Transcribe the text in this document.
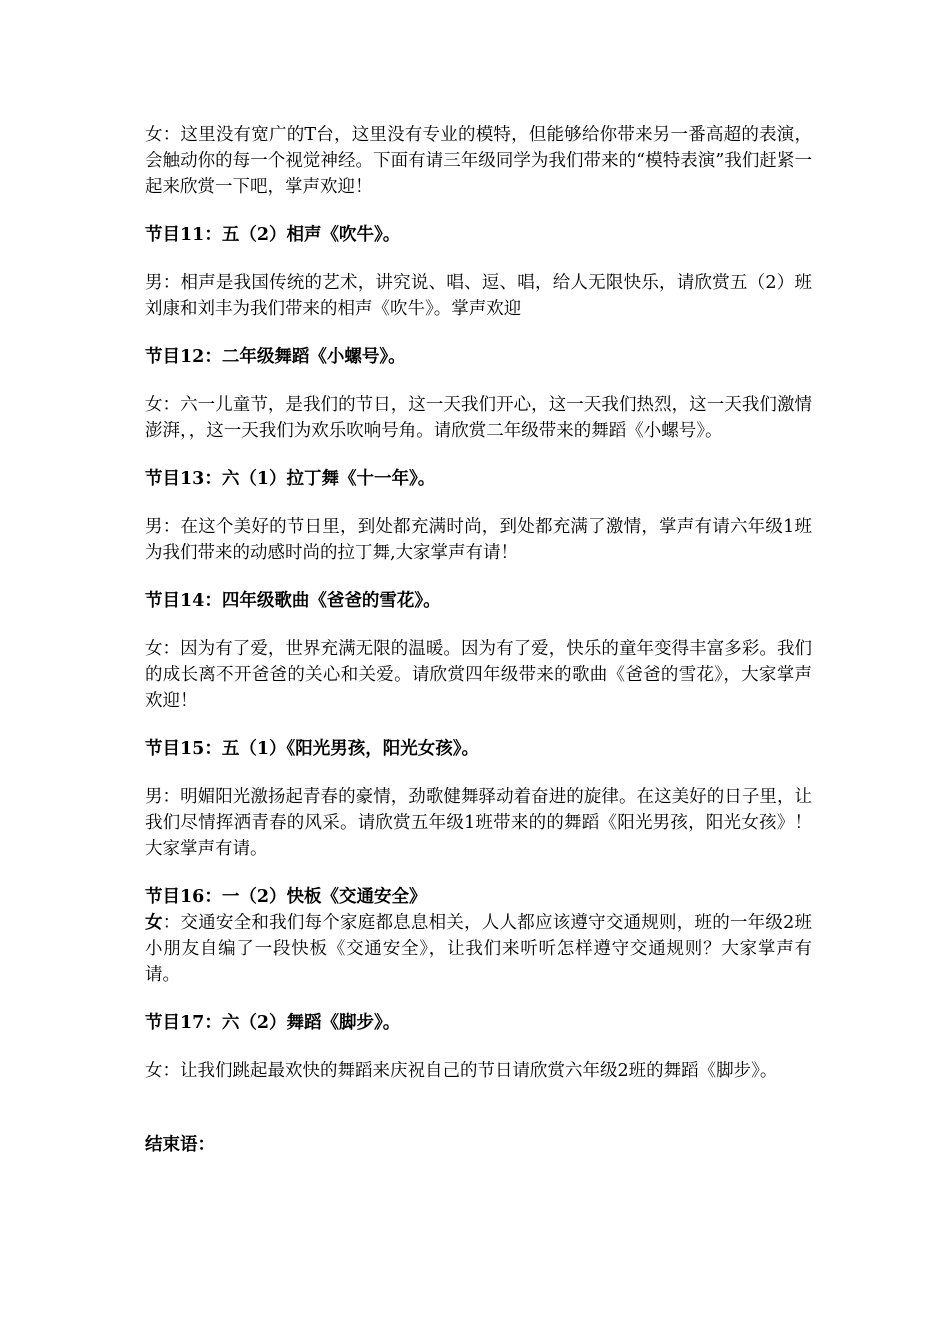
女：这里没有宽广的T台，这里没有专业的模特，但能够给你带来另一番高超的表演，会触动你的每一个视觉神经。下面有请三年级同学为我们带来的“模特表演”我们赶紧一起来欣赏一下吧，掌声欢迎！

节目11：五（2）相声《吹牛》。

男：相声是我国传统的艺术，讲究说、唱、逗、唱，给人无限快乐，请欣赏五（2）班刘康和刘丰为我们带来的相声《吹牛》。掌声欢迎

节目12：二年级舞蹈《小螺号》。

女：六一儿童节，是我们的节日，这一天我们开心，这一天我们热烈，这一天我们激情澎湃，，这一天我们为欢乐吹响号角。请欣赏二年级带来的舞蹈《小螺号》。

节目13：六（1）拉丁舞《十一年》。

男：在这个美好的节日里，到处都充满时尚，到处都充满了激情，掌声有请六年级1班为我们带来的动感时尚的拉丁舞,大家掌声有请！

节目14：四年级歌曲《爸爸的雪花》。

女：因为有了爱，世界充满无限的温暖。因为有了爱，快乐的童年变得丰富多彩。我们的成长离不开爸爸的关心和关爱。请欣赏四年级带来的歌曲《爸爸的雪花》，大家掌声欢迎！

节目15：五（1）《阳光男孩，阳光女孩》。

男：明媚阳光激扬起青春的豪情，劲歌健舞驿动着奋进的旋律。在这美好的日子里，让我们尽情挥洒青春的风采。请欣赏五年级1班带来的的舞蹈《阳光男孩，阳光女孩》！大家掌声有请。

节目16：一（2）快板《交通安全》

女：交通安全和我们每个家庭都息息相关，人人都应该遵守交通规则，班的一年级2班小朋友自编了一段快板《交通安全》，让我们来听听怎样遵守交通规则？大家掌声有请。

节目17：六（2）舞蹈《脚步》。

女：让我们跳起最欢快的舞蹈来庆祝自己的节日请欣赏六年级2班的舞蹈《脚步》。

结束语：
